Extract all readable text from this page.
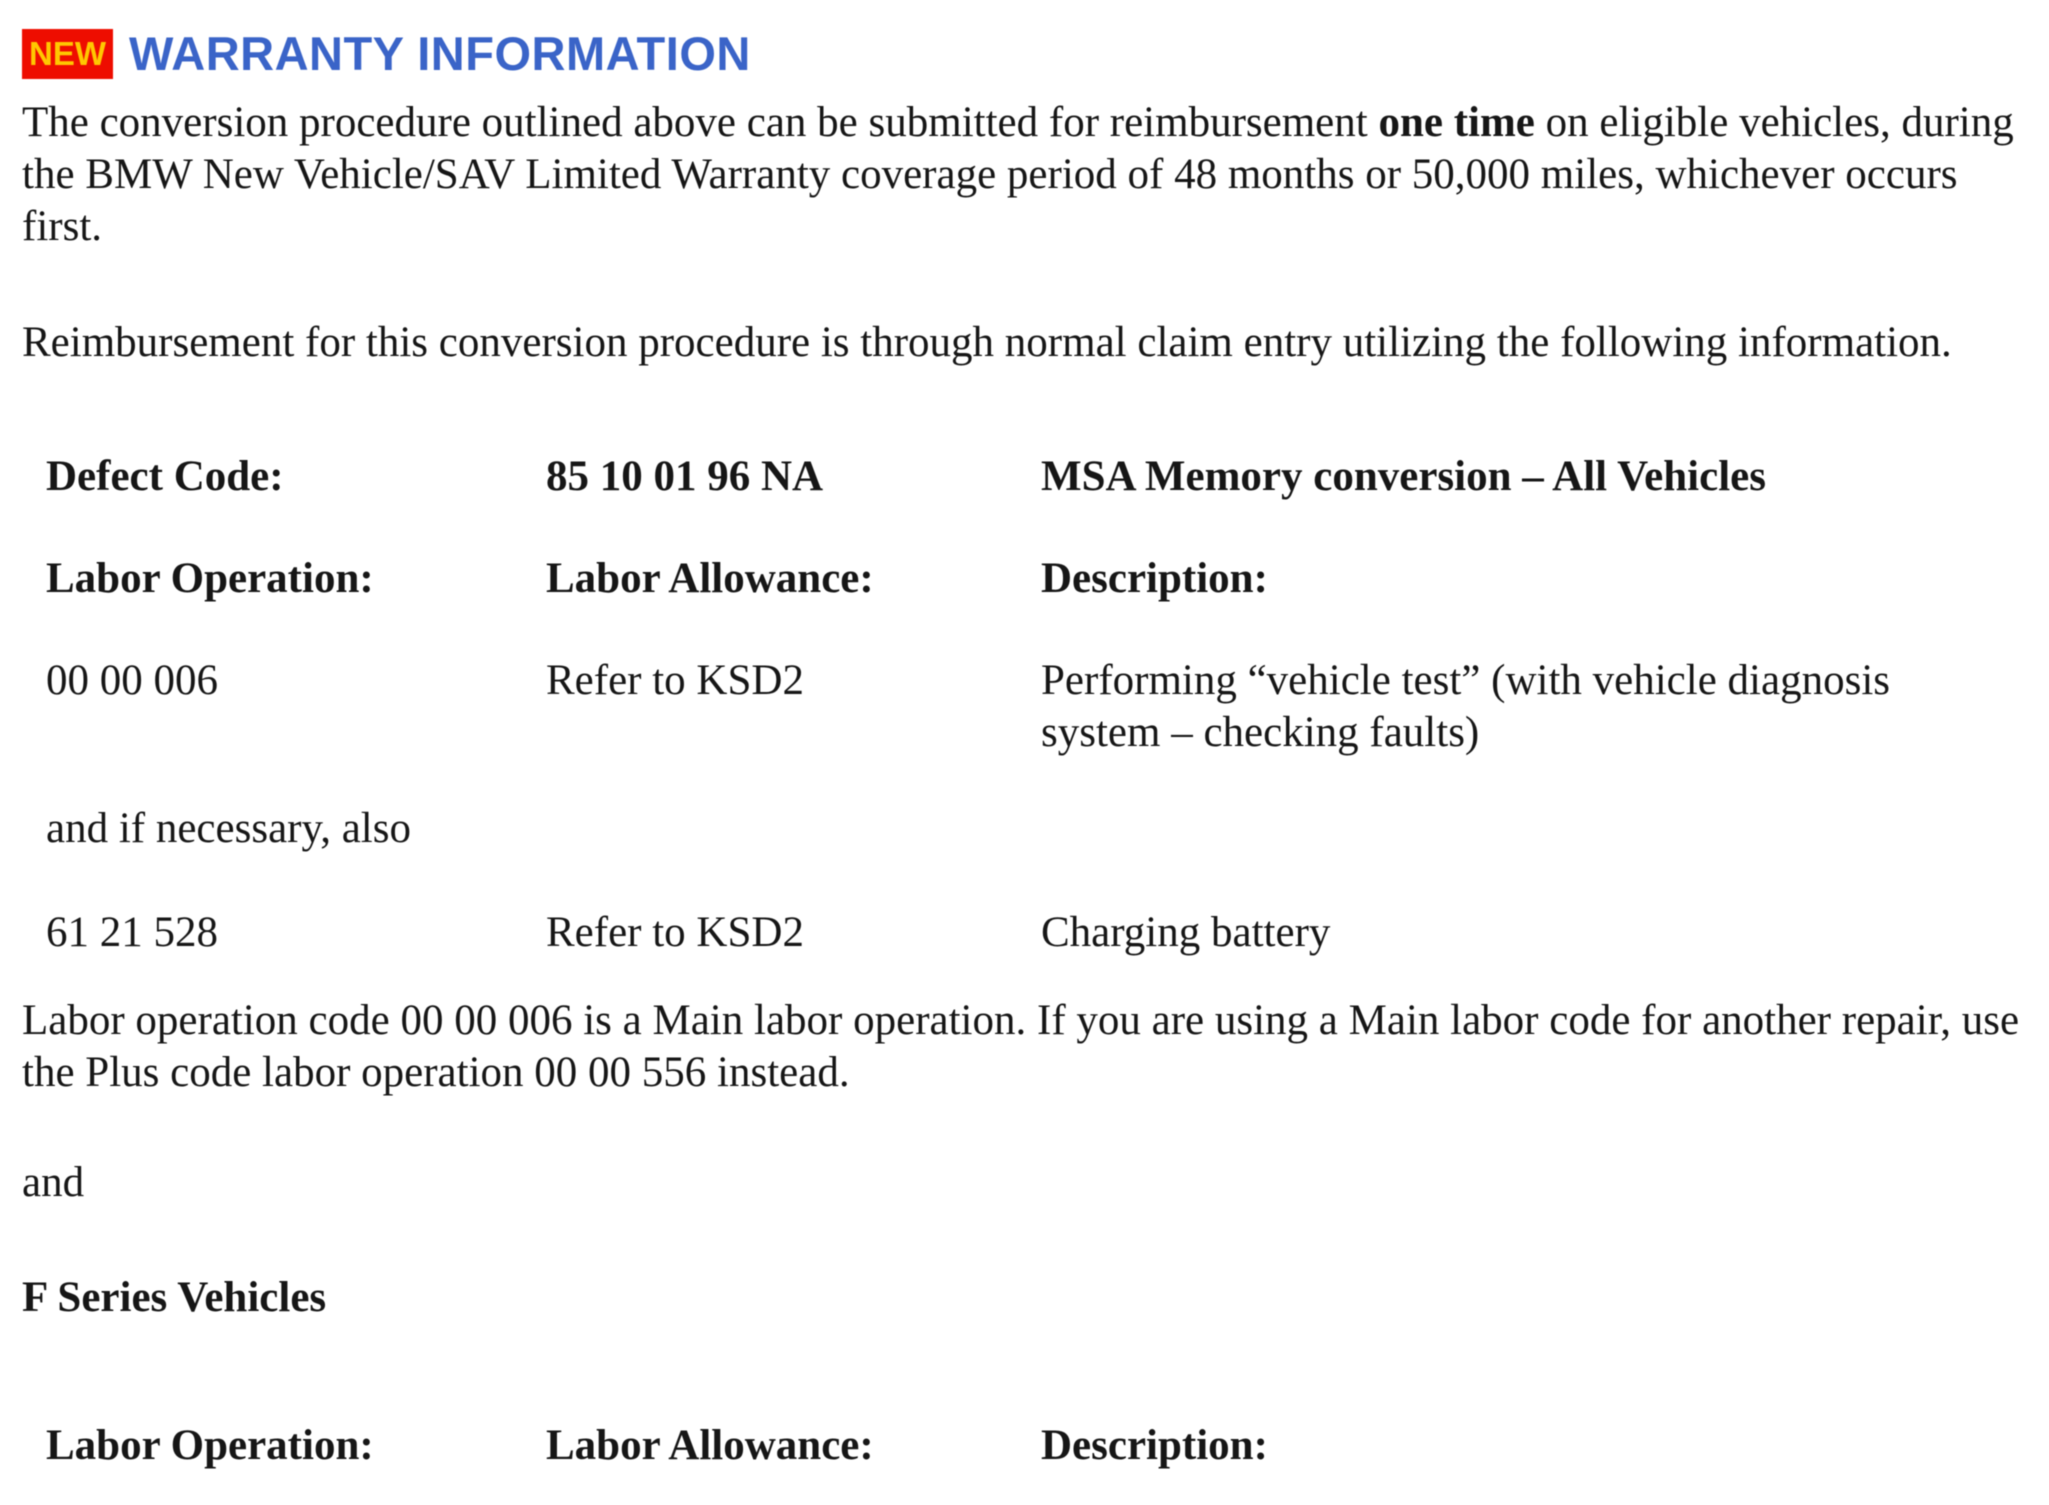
NEW WARRANTY INFORMATION

The conversion procedure outlined above can be submitted for reimbursement one time on eligible vehicles, during the BMW New Vehicle/SAV Limited Warranty coverage period of 48 months or 50,000 miles, whichever occurs first.

Reimbursement for this conversion procedure is through normal claim entry utilizing the following information.

Defect Code:	85 10 01 96 NA	MSA Memory conversion – All Vehicles
Labor Operation:	Labor Allowance:	Description:
00 00 006	Refer to KSD2	Performing “vehicle test” (with vehicle diagnosis system – checking faults)
and if necessary, also
61 21 528	Refer to KSD2	Charging battery

Labor operation code 00 00 006 is a Main labor operation. If you are using a Main labor code for another repair, use the Plus code labor operation 00 00 556 instead.

and

F Series Vehicles

Labor Operation:	Labor Allowance:	Description:
